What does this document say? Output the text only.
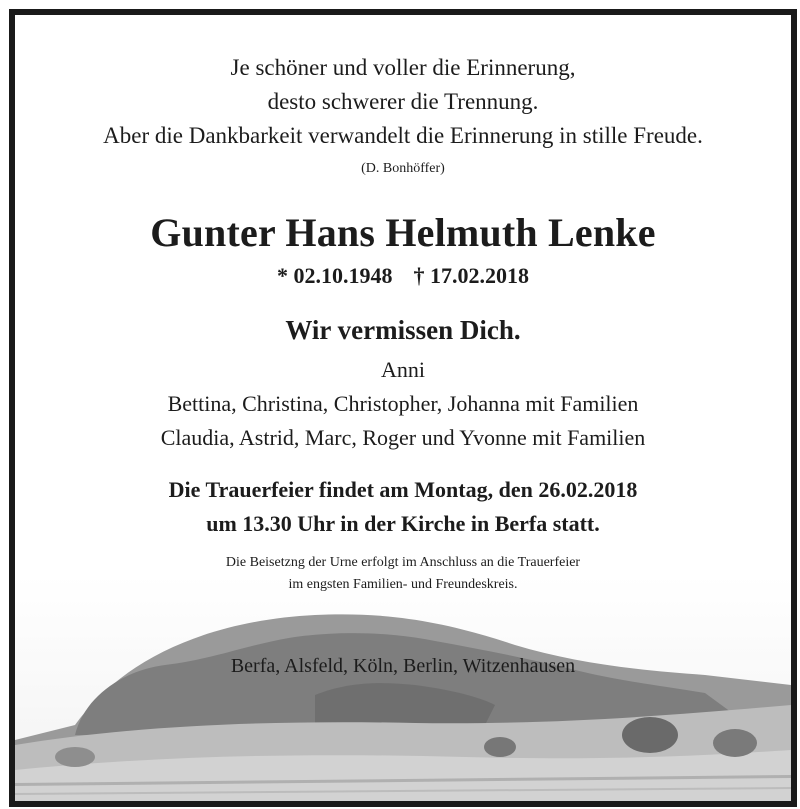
Je schöner und voller die Erinnerung,
desto schwerer die Trennung.
Aber die Dankbarkeit verwandelt die Erinnerung in stille Freude.
(D. Bonhöffer)
Gunter Hans Helmuth Lenke
* 02.10.1948 † 17.02.2018
Wir vermissen Dich.
Anni
Bettina, Christina, Christopher, Johanna mit Familien
Claudia, Astrid, Marc, Roger und Yvonne mit Familien
Die Trauerfeier findet am Montag, den 26.02.2018
um 13.30 Uhr in der Kirche in Berfa statt.
Die Beisetzng der Urne erfolgt im Anschluss an die Trauerfeier
im engsten Familien- und Freundeskreis.
Berfa, Alsfeld, Köln, Berlin, Witzenhausen
